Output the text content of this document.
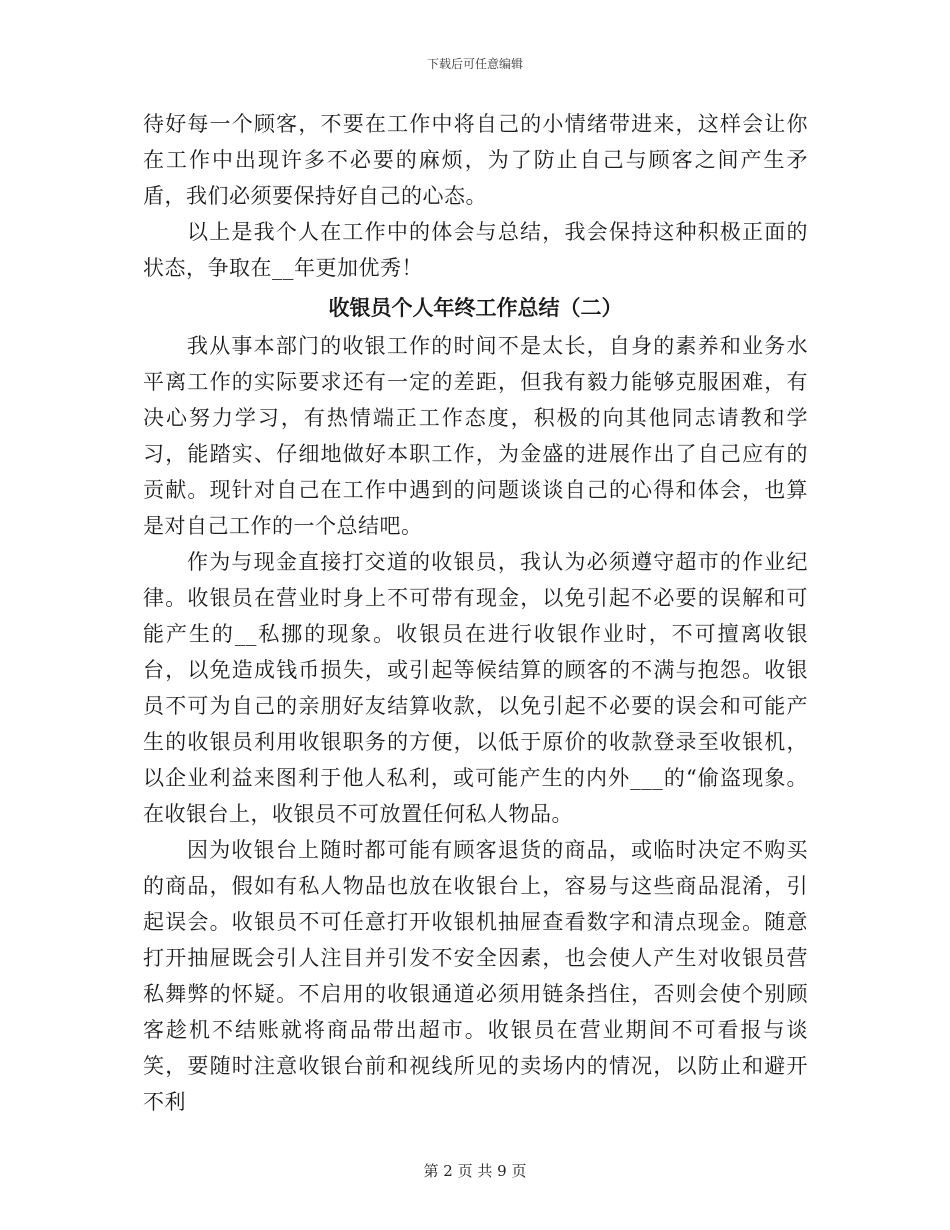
下载后可任意编辑

待好每一个顾客，不要在工作中将自己的小情绪带进来，这样会让你在工作中出现许多不必要的麻烦，为了防止自己与顾客之间产生矛盾，我们必须要保持好自己的心态。

以上是我个人在工作中的体会与总结，我会保持这种积极正面的状态，争取在__年更加优秀！

收银员个人年终工作总结（二）

我从事本部门的收银工作的时间不是太长，自身的素养和业务水平离工作的实际要求还有一定的差距，但我有毅力能够克服困难，有决心努力学习，有热情端正工作态度，积极的向其他同志请教和学习，能踏实、仔细地做好本职工作，为金盛的进展作出了自己应有的贡献。现针对自己在工作中遇到的问题谈谈自己的心得和体会，也算是对自己工作的一个总结吧。

作为与现金直接打交道的收银员，我认为必须遵守超市的作业纪律。收银员在营业时身上不可带有现金，以免引起不必要的误解和可能产生的__私挪的现象。收银员在进行收银作业时，不可擅离收银台，以免造成钱币损失，或引起等候结算的顾客的不满与抱怨。收银员不可为自己的亲朋好友结算收款，以免引起不必要的误会和可能产生的收银员利用收银职务的方便，以低于原价的收款登录至收银机，以企业利益来图利于他人私利，或可能产生的内外___的“偷盗现象。在收银台上，收银员不可放置任何私人物品。

因为收银台上随时都可能有顾客退货的商品，或临时决定不购买的商品，假如有私人物品也放在收银台上，容易与这些商品混淆，引起误会。收银员不可任意打开收银机抽屉查看数字和清点现金。随意打开抽屉既会引人注目并引发不安全因素，也会使人产生对收银员营私舞弊的怀疑。不启用的收银通道必须用链条挡住，否则会使个别顾客趁机不结账就将商品带出超市。收银员在营业期间不可看报与谈笑，要随时注意收银台前和视线所见的卖场内的情况，以防止和避开不利

第 2 页 共 9 页
